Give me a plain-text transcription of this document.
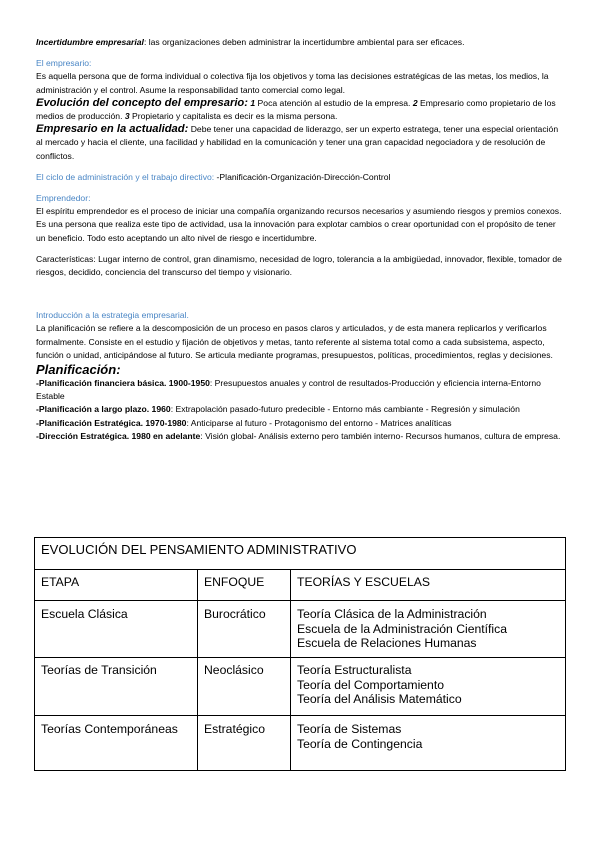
Incertidumbre empresarial: las organizaciones deben administrar la incertidumbre ambiental para ser eficaces.

El empresario:

Es aquella persona que de forma individual o colectiva fija los objetivos y toma las decisiones estratégicas de las metas, los medios, la administración y el control. Asume la responsabilidad tanto comercial como legal.

Evolución del concepto del empresario: 1 Poca atención al estudio de la empresa. 2 Empresario como propietario de los medios de producción. 3 Propietario y capitalista es decir es la misma persona.

Empresario en la actualidad: Debe tener una capacidad de liderazgo, ser un experto estratega, tener una especial orientación al mercado y hacia el cliente, una facilidad y habilidad en la comunicación y tener una gran capacidad negociadora y de resolución de conflictos.

El ciclo de administración y el trabajo directivo: -Planificación-Organización-Dirección-Control

Emprendedor:

El espíritu emprendedor es el proceso de iniciar una compañía organizando recursos necesarios y asumiendo riesgos y premios conexos. Es una persona que realiza este tipo de actividad, usa la innovación para explotar cambios o crear oportunidad con el propósito de tener un beneficio. Todo esto aceptando un alto nivel de riesgo e incertidumbre.

Características: Lugar interno de control, gran dinamismo, necesidad de logro, tolerancia a la ambigüedad, innovador, flexible, tomador de riesgos, decidido, conciencia del transcurso del tiempo y visionario.

Introducción a la estrategia empresarial.

La planificación se refiere a la descomposición de un proceso en pasos claros y articulados, y de esta manera replicarlos y verificarlos formalmente. Consiste en el estudio y fijación de objetivos y metas, tanto referente al sistema total como a cada subsistema, aspecto, función o unidad, anticipándose al futuro. Se articula mediante programas, presupuestos, políticas, procedimientos, reglas y decisiones.

Planificación:

-Planificación financiera básica. 1900-1950: Presupuestos anuales y control de resultados-Producción y eficiencia interna-Entorno Estable

-Planificación a largo plazo. 1960: Extrapolación pasado-futuro predecible - Entorno más cambiante - Regresión y simulación

-Planificación Estratégica. 1970-1980: Anticiparse al futuro - Protagonismo del entorno - Matrices analíticas

-Dirección Estratégica. 1980 en adelante: Visión global- Análisis externo pero también interno- Recursos humanos, cultura de empresa.

EVOLUCIÓN DEL PENSAMIENTO ADMINISTRATIVO		
ETAPA	ENFOQUE	TEORÍAS Y ESCUELAS
Escuela Clásica	Burocrático	Teoría Clásica de la Administración
Escuela de la Administración Científica
Escuela de Relaciones Humanas

Teorías de Transición	Neoclásico	Teoría Estructuralista
Teoría del Comportamiento
Teoría del Análisis Matemático

Teorías Contemporáneas	Estratégico	Teoría de Sistemas
Teoría de Contingencia
